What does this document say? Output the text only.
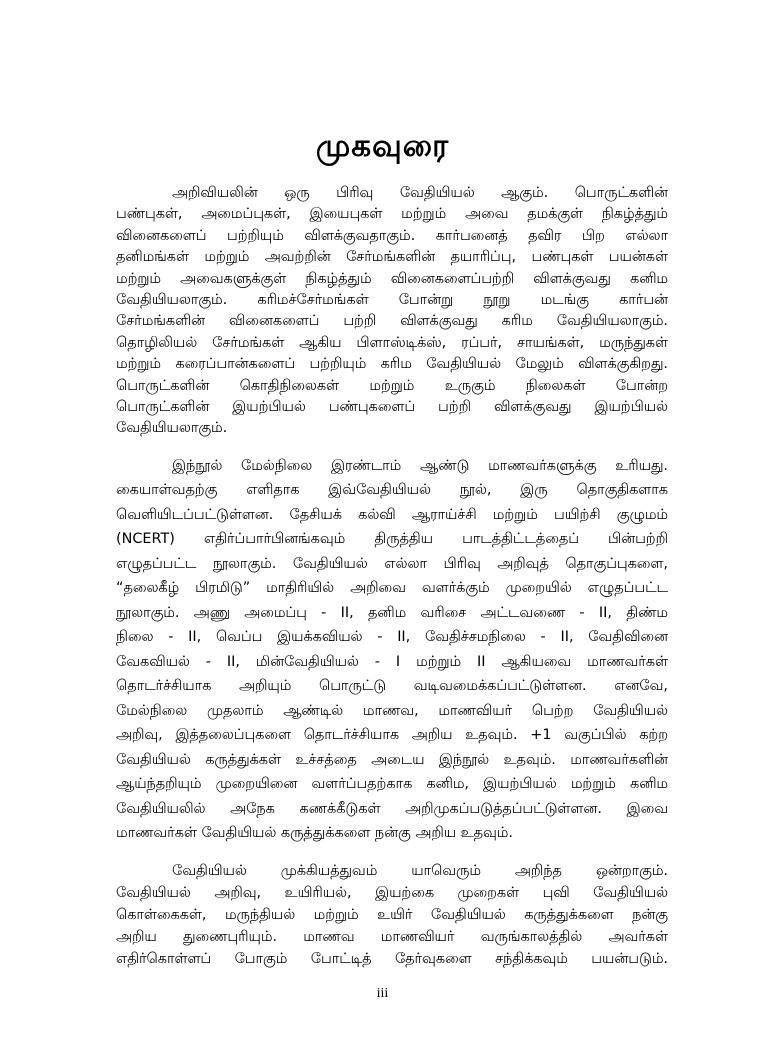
முகவுரை
அறிவியலின் ஒரு பிரிவு வேதியியல் ஆகும். பொருட்களின்
பண்புகள், அமைப்புகள், இயைபுகள் மற்றும் அவை தமக்குள் நிகழ்த்தும்
வினைகளைப் பற்றியும் விளக்குவதாகும். கார்பனைத் தவிர பிற எல்லா
தனிமங்கள் மற்றும் அவற்றின் சேர்மங்களின் தயாரிப்பு, பண்புகள் பயன்கள்
மற்றும் அவைகளுக்குள் நிகழ்த்தும் வினைகளைப்பற்றி விளக்குவது கனிம
வேதியியலாகும். கரிமச்சேர்மங்கள் போன்று நூறு மடங்கு கார்பன்
சேர்மங்களின் வினைகளைப் பற்றி விளக்குவது கரிம வேதியியலாகும்.
தொழிலியல் சேர்மங்கள் ஆகிய பிளாஸ்டிக்ஸ், ரப்பர், சாயங்கள், மருந்துகள்
மற்றும் கரைப்பான்களைப் பற்றியும் கரிம வேதியியல் மேலும் விளக்குகிறது.
பொருட்களின் கொதிநிலைகள் மற்றும் உருகும் நிலைகள் போன்ற
பொருட்களின் இயற்பியல் பண்புகளைப் பற்றி விளக்குவது இயற்பியல்
வேதியியலாகும்.
இந்நூல் மேல்நிலை இரண்டாம் ஆண்டு மாணவர்களுக்கு உரியது.
கையாள்வதற்கு எளிதாக இவ்வேதியியல் நூல், இரு தொகுதிகளாக
வெளியிடப்பட்டுள்ளன. தேசியக் கல்வி ஆராய்ச்சி மற்றும் பயிற்சி குழுமம்
(NCERT) எதிர்ப்பார்பினங்கவும் திருத்திய பாடத்திட்டத்தைப் பின்பற்றி
எழுதப்பட்ட நூலாகும். வேதியியல் எல்லா பிரிவு அறிவுத் தொகுப்புகளை,
“தலைகீழ் பிரமிடு” மாதிரியில் அறிவை வளர்க்கும் முறையில் எழுதப்பட்ட
நூலாகும். அணு அமைப்பு - II, தனிம வரிசை அட்டவணை - II, திண்ம
நிலை - II, வெப்ப இயக்கவியல் - II, வேதிச்சமநிலை - II, வேதிவினை
வேகவியல் - II, மின்வேதியியல் - I மற்றும் II ஆகியவை மாணவர்கள்
தொடர்ச்சியாக அறியும் பொருட்டு வடிவமைக்கப்பட்டுள்ளன. எனவே,
மேல்நிலை முதலாம் ஆண்டில் மாணவ, மாணவியர் பெற்ற வேதியியல்
அறிவு, இத்தலைப்புகளை தொடர்ச்சியாக அறிய உதவும். +1 வகுப்பில் கற்ற
வேதியியல் கருத்துக்கள் உச்சத்தை அடைய இந்நூல் உதவும். மாணவர்களின்
ஆய்ந்தறியும் முறையினை வளர்ப்பதற்காக கனிம, இயற்பியல் மற்றும் கனிம
வேதியியலில் அநேக கணக்கீடுகள் அறிமுகப்படுத்தப்பட்டுள்ளன. இவை
மாணவர்கள் வேதியியல் கருத்துக்களை நன்கு அறிய உதவும்.
வேதியியல் முக்கியத்துவம் யாவெரும் அறிந்த ஒன்றாகும்.
வேதியியல் அறிவு, உயிரியல், இயற்கை முறைகள் புவி வேதியியல்
கொள்கைகள், மருந்தியல் மற்றும் உயிர் வேதியியல் கருத்துக்களை நன்கு
அறிய துணைபுரியும். மாணவ மாணவியர் வருங்காலத்தில் அவர்கள்
எதிர்கொள்ளப் போகும் போட்டித் தேர்வுகளை சந்திக்கவும் பயன்படும்.
iii
